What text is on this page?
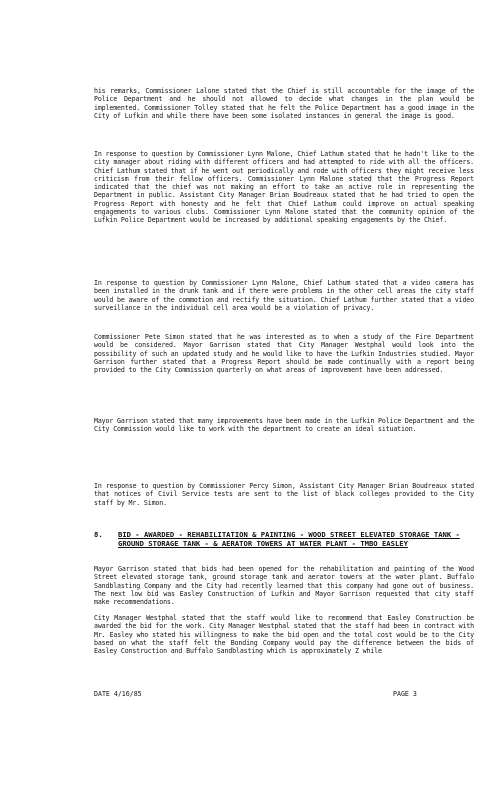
his remarks, Commissioner Lalone stated that the Chief is still accountable for the image of the Police Department and he should not allowed to decide what changes in the plan would be implemented. Commissioner Tolley stated that he felt the Police Department has a good image in the City of Lufkin and while there have been some isolated instances in general the image is good.

In response to question by Commissioner Lynn Malone, Chief Lathum stated that he hadn't like to the city manager about riding with different officers and had attempted to ride with all the officers. Chief Lathum stated that if he went out periodically and rode with officers they might receive less criticism from their fellow officers. Commissioner Lynn Malone stated that the Progress Report indicated that the chief was not making an effort to take an active role in representing the Department in public. Assistant City Manager Brian Boudreaux stated that he had tried to open the Progress Report with honesty and he felt that Chief Lathum could improve on actual speaking engagements to various clubs. Commissioner Lynn Malone stated that the community opinion of the Lufkin Police Department would be increased by additional speaking engagements by the Chief.

In response to question by Commissioner Lynn Malone, Chief Lathum stated that a video camera has been installed in the drunk tank and if there were problems in the other cell areas the city staff would be aware of the commotion and rectify the situation. Chief Lathum further stated that a video surveillance in the individual cell area would be a violation of privacy.

Commissioner Pete Simon stated that he was interested as to when a study of the Fire Department would be considered. Mayor Garrison stated that City Manager Westphal would look into the possibility of such an updated study and he would like to have the Lufkin Industries studied. Mayor Garrison further stated that a Progress Report should be made continually with a report being provided to the City Commission quarterly on what areas of improvement have been addressed.

Mayor Garrison stated that many improvements have been made in the Lufkin Police Department and the City Commission would like to work with the department to create an ideal situation.

In response to question by Commissioner Percy Simon, Assistant City Manager Brian Boudreaux stated that notices of Civil Service tests are sent to the list of black colleges provided to the City staff by Mr. Simon.

8. BID - AWARDED - REHABILITATION & PAINTING - WOOD STREET ELEVATED STORAGE TANK - GROUND STORAGE TANK - & AERATOR TOWERS AT WATER PLANT - TMBO EASLEY

Mayor Garrison stated that bids had been opened for the rehabilitation and painting of the Wood Street elevated storage tank, ground storage tank and aerator towers at the water plant. Buffalo Sandblasting Company and the City had recently learned that this company had gone out of business. The next low bid was Easley Construction of Lufkin and Mayor Garrison requested that city staff make recommendations.

City Manager Westphal stated that the staff would like to recommend that Easley Construction be awarded the bid for the work. City Manager Westphal stated that the staff had been in contract with Mr. Easley who stated his willingness to make the bid open and the total cost would be to the City based on what the staff felt the Bonding Company would pay the difference between the bids of Easley Construction and Buffalo Sandblasting which is approximately Z while

DATE 4/16/85	PAGE 3
